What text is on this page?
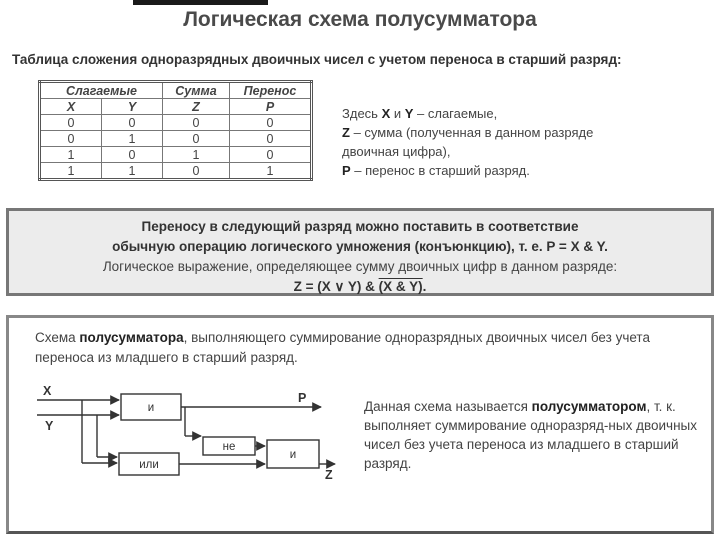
Логическая схема полусумматора
Таблица сложения одноразрядных двоичных чисел с учетом переноса в старший разряд:
Слагаемые		Сумма	Перенос
X	Y	Z	P
0	0	0	0
0	1	0	0
1	0	1	0
1	1	0	1
Здесь X и Y – слагаемые,
Z – сумма (полученная в данном разряде
двоичная цифра),
P – перенос в старший разряд.
Переносу в следующий разряд можно поставить в соответствие
обычную операцию логического умножения (конъюнкцию), т. е. P = X & Y.
Логическое выражение, определяющее сумму двоичных цифр в данном разряде:
Z = (X ∨ Y) & (X & Y).
Схема полусумматора, выполняющего суммирование одноразрядных двоичных чисел без учета переноса из младшего в старший разряд.
X
Y
P
Z
и
не
или
и
Данная схема называется полусумматором, т. к. выполняет суммирование одноразряд-ных двоичных чисел без учета переноса из младшего в старший разряд.
